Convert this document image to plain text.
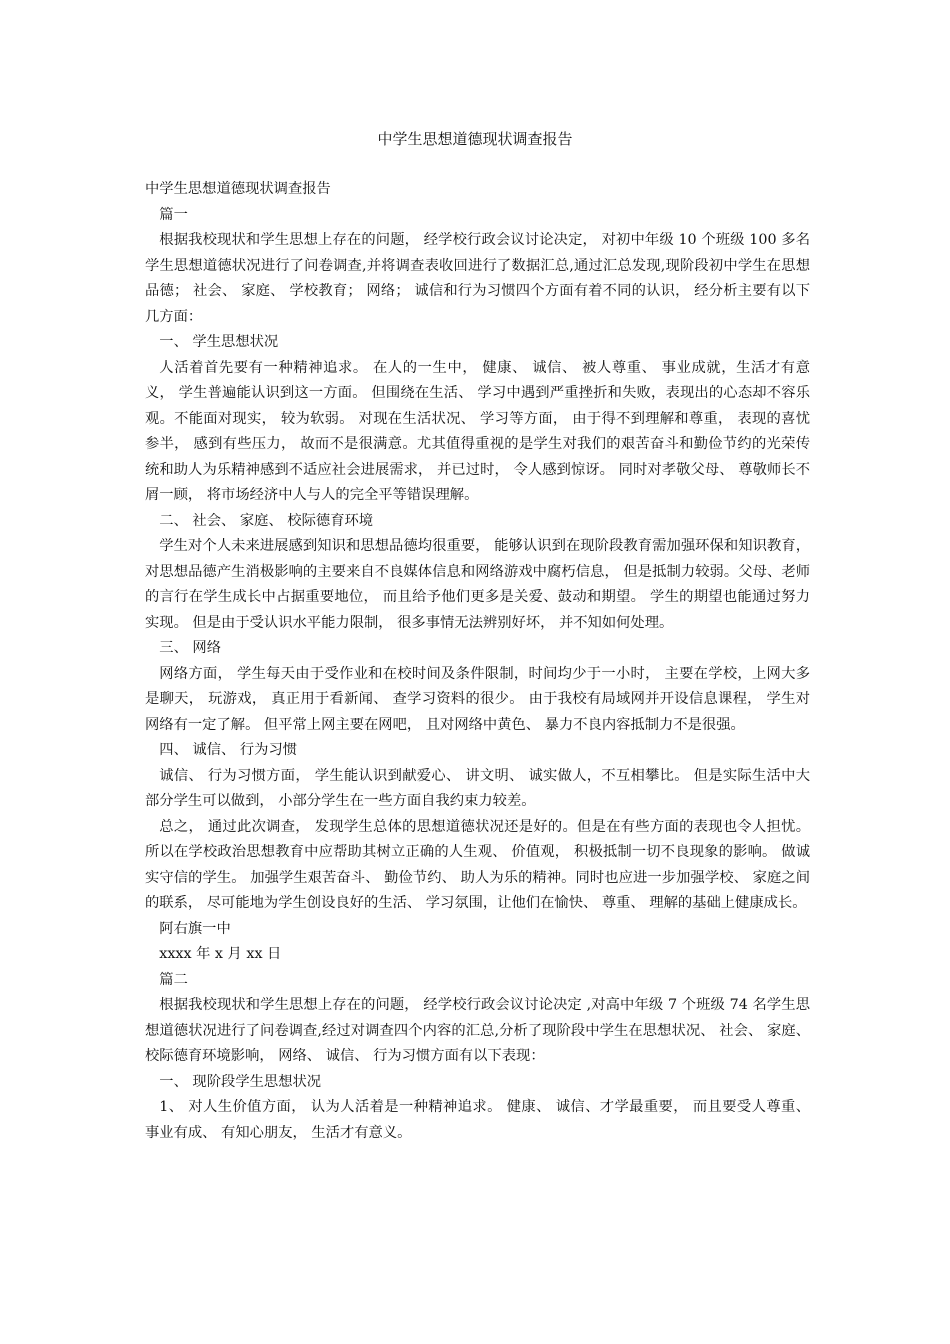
中学生思想道德现状调查报告

中学生思想道德现状调查报告

篇一

根据我校现状和学生思想上存在的问题， 经学校行政会议讨论决定， 对初中年级 10 个班级 100 多名学生思想道德状况进行了问卷调查,并将调查表收回进行了数据汇总,通过汇总发现,现阶段初中学生在思想品德； 社会、 家庭、 学校教育； 网络； 诚信和行为习惯四个方面有着不同的认识， 经分析主要有以下几方面：

一、 学生思想状况

人活着首先要有一种精神追求。 在人的一生中， 健康、 诚信、 被人尊重、 事业成就，生活才有意义， 学生普遍能认识到这一方面。 但围绕在生活、 学习中遇到严重挫折和失败，表现出的心态却不容乐观。不能面对现实， 较为软弱。 对现在生活状况、 学习等方面， 由于得不到理解和尊重， 表现的喜忧参半， 感到有些压力， 故而不是很满意。尤其值得重视的是学生对我们的艰苦奋斗和勤俭节约的光荣传统和助人为乐精神感到不适应社会进展需求， 并已过时， 令人感到惊讶。 同时对孝敬父母、 尊敬师长不屑一顾， 将市场经济中人与人的完全平等错误理解。

二、 社会、 家庭、 校际德育环境

学生对个人未来进展感到知识和思想品德均很重要， 能够认识到在现阶段教育需加强环保和知识教育，对思想品德产生消极影响的主要来自不良媒体信息和网络游戏中腐朽信息， 但是抵制力较弱。父母、老师的言行在学生成长中占据重要地位， 而且给予他们更多是关爱、鼓动和期望。 学生的期望也能通过努力实现。 但是由于受认识水平能力限制， 很多事情无法辨别好坏， 并不知如何处理。

三、 网络

网络方面， 学生每天由于受作业和在校时间及条件限制，时间均少于一小时， 主要在学校，上网大多是聊天， 玩游戏， 真正用于看新闻、 查学习资料的很少。 由于我校有局域网并开设信息课程， 学生对网络有一定了解。 但平常上网主要在网吧， 且对网络中黄色、 暴力不良内容抵制力不是很强。

四、 诚信、 行为习惯

诚信、 行为习惯方面， 学生能认识到献爱心、 讲文明、 诚实做人，不互相攀比。 但是实际生活中大部分学生可以做到， 小部分学生在一些方面自我约束力较差。

总之， 通过此次调查， 发现学生总体的思想道德状况还是好的。但是在有些方面的表现也令人担忧。 所以在学校政治思想教育中应帮助其树立正确的人生观、 价值观， 积极抵制一切不良现象的影响。 做诚实守信的学生。 加强学生艰苦奋斗、 勤俭节约、 助人为乐的精神。同时也应进一步加强学校、 家庭之间的联系， 尽可能地为学生创设良好的生活、 学习氛围，让他们在愉快、 尊重、 理解的基础上健康成长。

阿右旗一中

xxxx 年 x 月 xx 日

篇二

根据我校现状和学生思想上存在的问题， 经学校行政会议讨论决定 ,对高中年级 7 个班级 74 名学生思想道德状况进行了问卷调查,经过对调查四个内容的汇总,分析了现阶段中学生在思想状况、 社会、 家庭、 校际德育环境影响， 网络、 诚信、 行为习惯方面有以下表现：

一、 现阶段学生思想状况

1、 对人生价值方面， 认为人活着是一种精神追求。 健康、 诚信、才学最重要， 而且要受人尊重、 事业有成、 有知心朋友， 生活才有意义。
